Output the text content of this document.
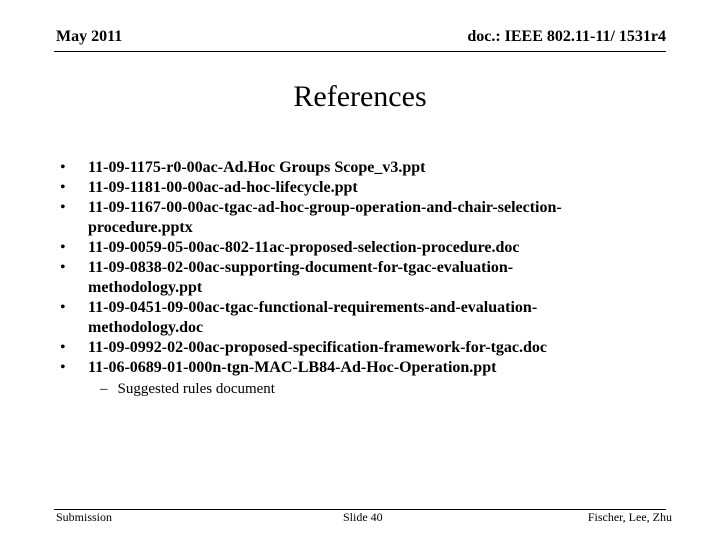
May 2011	doc.: IEEE 802.11-11/ 1531r4
References
• 11-09-1175-r0-00ac-Ad.Hoc Groups Scope_v3.ppt
• 11-09-1181-00-00ac-ad-hoc-lifecycle.ppt
• 11-09-1167-00-00ac-tgac-ad-hoc-group-operation-and-chair-selection-procedure.pptx
• 11-09-0059-05-00ac-802-11ac-proposed-selection-procedure.doc
• 11-09-0838-02-00ac-supporting-document-for-tgac-evaluation-methodology.ppt
• 11-09-0451-09-00ac-tgac-functional-requirements-and-evaluation-methodology.doc
• 11-09-0992-02-00ac-proposed-specification-framework-for-tgac.doc
• 11-06-0689-01-000n-tgn-MAC-LB84-Ad-Hoc-Operation.ppt
– Suggested rules document
Submission	Slide 40	Fischer, Lee, Zhu
